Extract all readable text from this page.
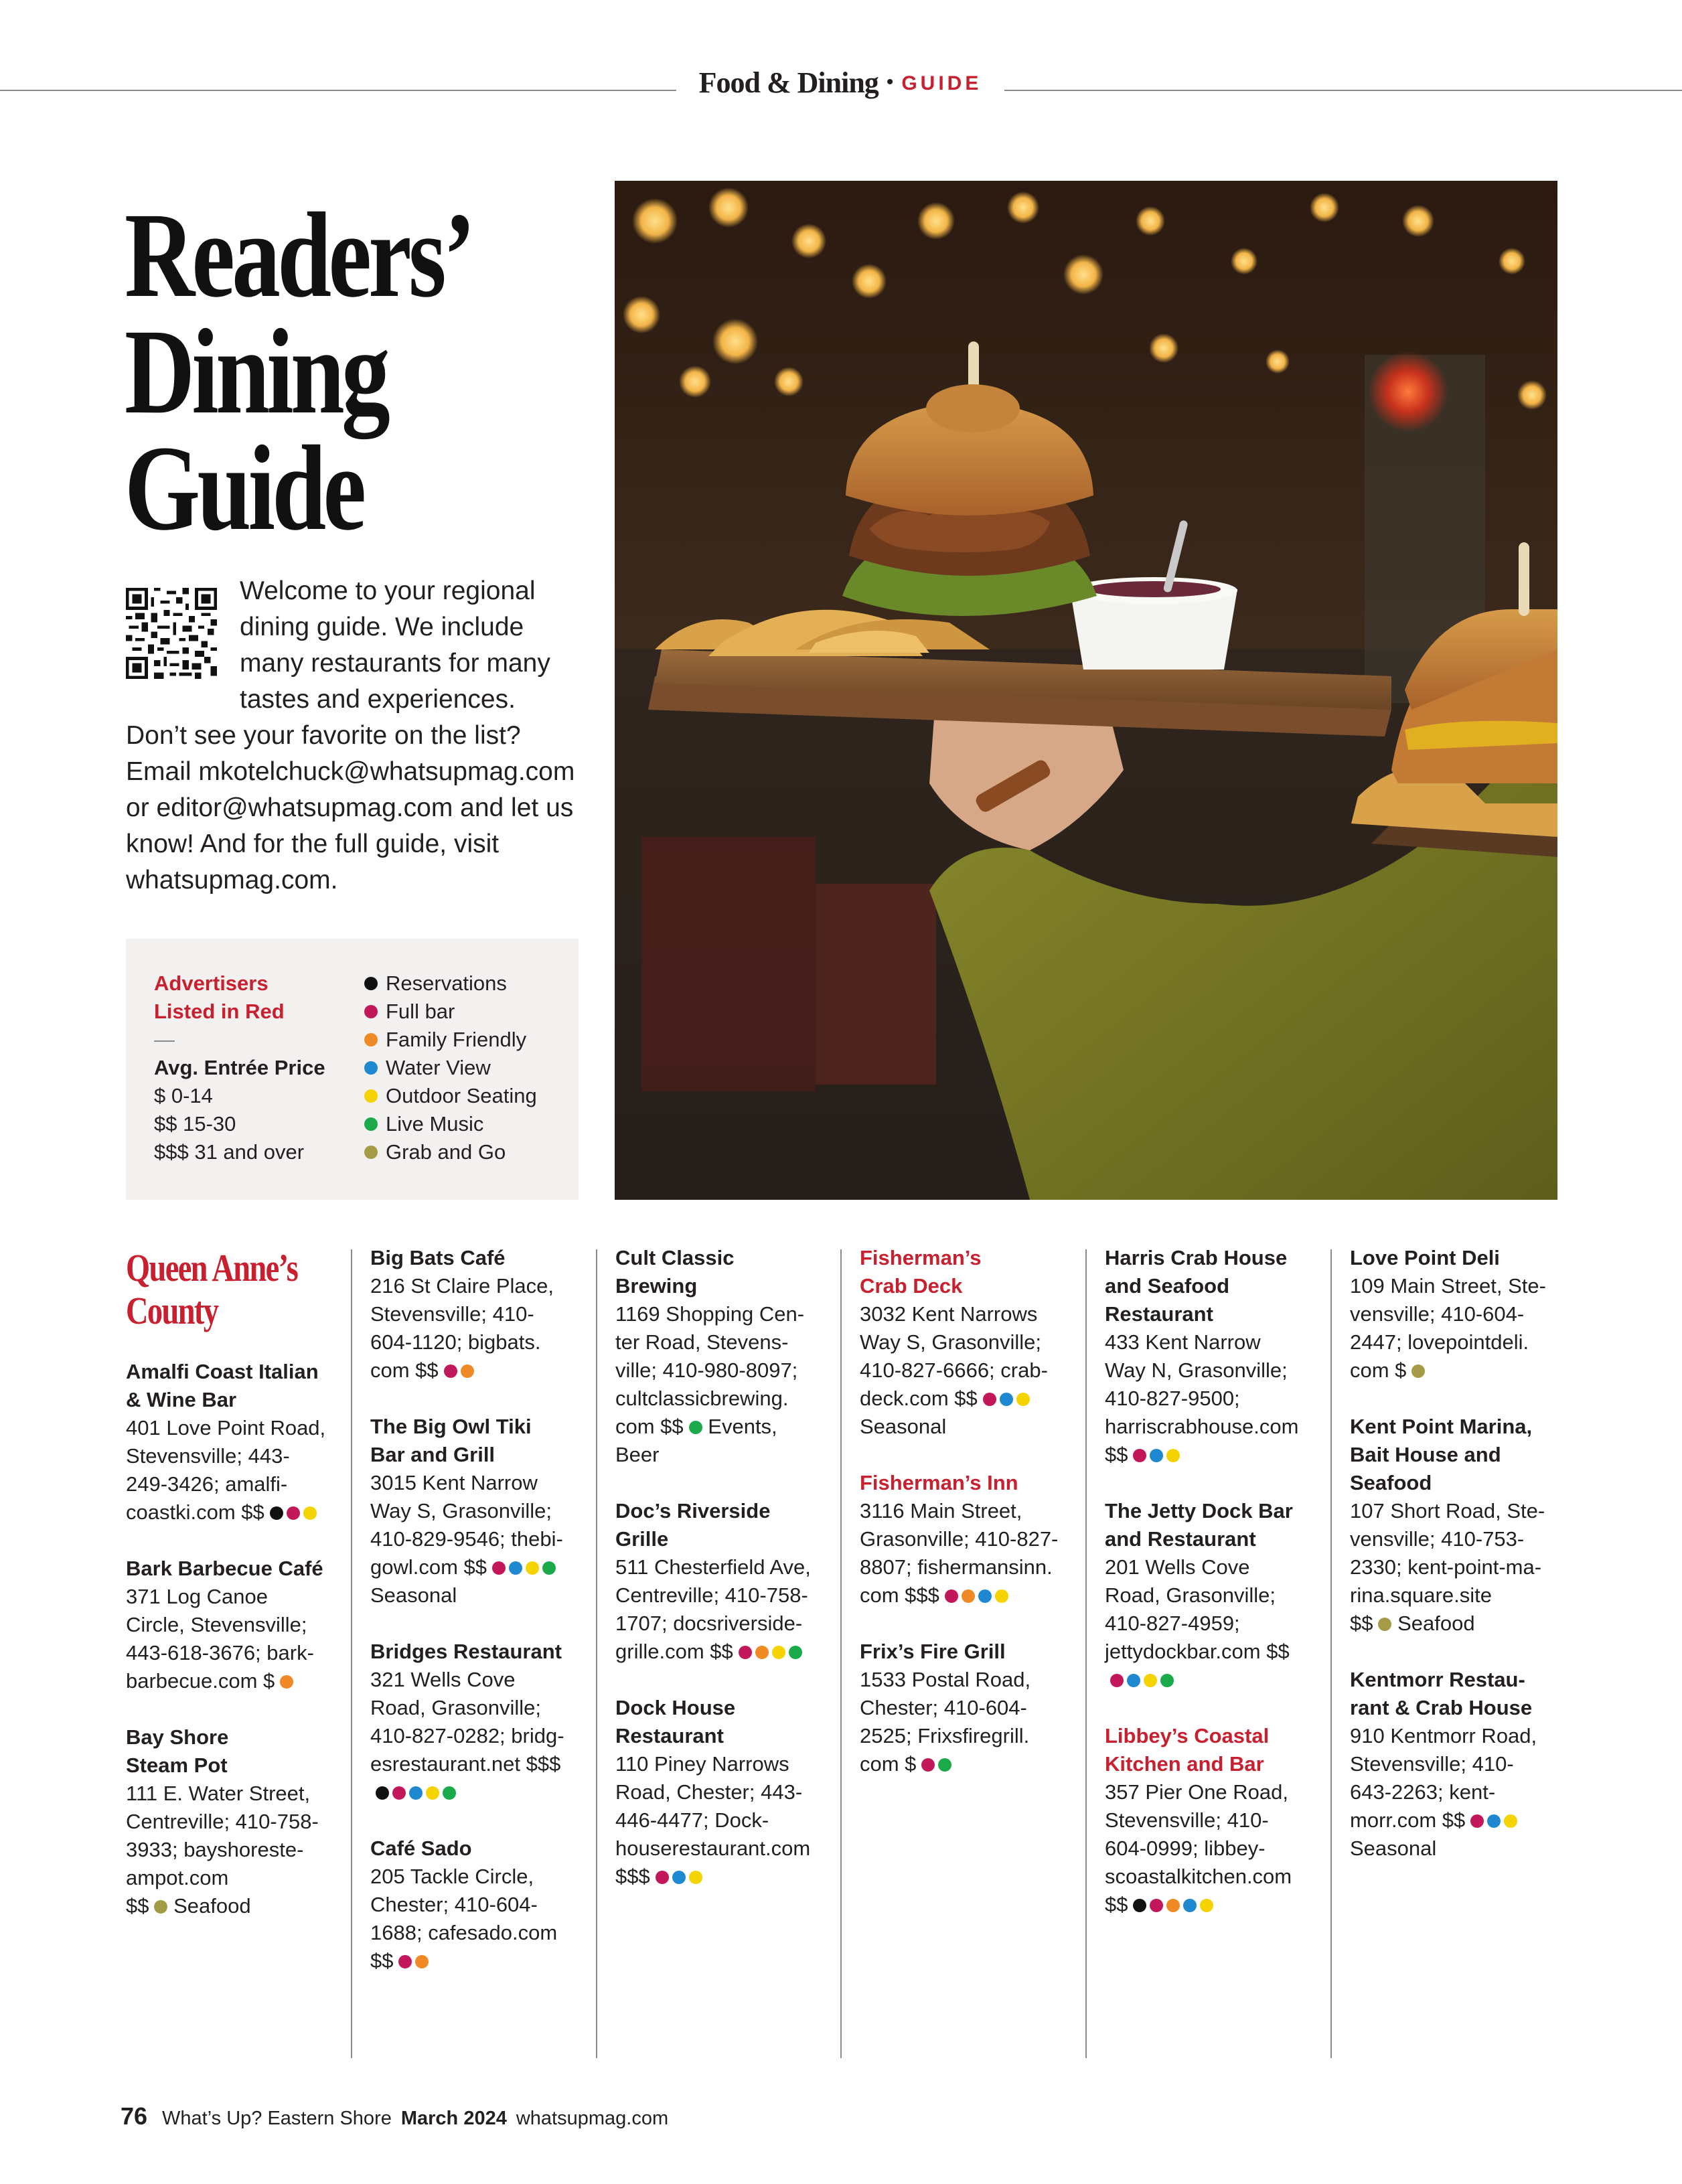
Food & Dining • GUIDE
Readers’
Dining
Guide
Welcome to your regional dining guide. We include many restaurants for many tastes and experiences. Don’t see your favorite on the list? Email mkotelchuck@whatsupmag.com or editor@whatsupmag.com and let us know! And for the full guide, visit whatsupmag.com.
Advertisers
Listed in Red
—
Avg. Entrée Price
$ 0-14
$$ 15-30
$$$ 31 and over
Reservations
Full bar
Family Friendly
Water View
Outdoor Seating
Live Music
Grab and Go
Queen Anne’s County
Amalfi Coast Italian
& Wine Bar
401 Love Point Road,
Stevensville; 443-
249-3426; amalfi-
coastki.com $$
Bark Barbecue Café
371 Log Canoe
Circle, Stevensville;
443-618-3676; bark-
barbecue.com $
Bay Shore
Steam Pot
111 E. Water Street,
Centreville; 410-758-
3933; bayshoreste-
ampot.com
$$ Seafood
Big Bats Café
216 St Claire Place,
Stevensville; 410-
604-1120; bigbats.
com $$
The Big Owl Tiki
Bar and Grill
3015 Kent Narrow
Way S, Grasonville;
410-829-9546; thebi-
gowl.com $$
Seasonal
Bridges Restaurant
321 Wells Cove
Road, Grasonville;
410-827-0282; bridg-
esrestaurant.net $$$

Café Sado
205 Tackle Circle,
Chester; 410-604-
1688; cafesado.com
$$
Cult Classic
Brewing
1169 Shopping Cen-
ter Road, Stevens-
ville; 410-980-8097;
cultclassicbrewing.
com $$ Events,
Beer
Doc’s Riverside
Grille
511 Chesterfield Ave,
Centreville; 410-758-
1707; docsriverside-
grille.com $$
Dock House
Restaurant
110 Piney Narrows
Road, Chester; 443-
446-4477; Dock-
houserestaurant.com
$$$
Fisherman’s
Crab Deck
3032 Kent Narrows
Way S, Grasonville;
410-827-6666; crab-
deck.com $$
Seasonal
Fisherman’s Inn
3116 Main Street,
Grasonville; 410-827-
8807; fishermansinn.
com $$$
Frix’s Fire Grill
1533 Postal Road,
Chester; 410-604-
2525; Frixsfiregrill.
com $
Harris Crab House
and Seafood
Restaurant
433 Kent Narrow
Way N, Grasonville;
410-827-9500;
harriscrabhouse.com
$$
The Jetty Dock Bar
and Restaurant
201 Wells Cove
Road, Grasonville;
410-827-4959;
jettydockbar.com $$

Libbey’s Coastal
Kitchen and Bar
357 Pier One Road,
Stevensville; 410-
604-0999; libbey-
scoastalkitchen.com
$$
Love Point Deli
109 Main Street, Ste-
vensville; 410-604-
2447; lovepointdeli.
com $
Kent Point Marina,
Bait House and
Seafood
107 Short Road, Ste-
vensville; 410-753-
2330; kent-point-ma-
rina.square.site
$$ Seafood
Kentmorr Restau-
rant & Crab House
910 Kentmorr Road,
Stevensville; 410-
643-2263; kent-
morr.com $$
Seasonal
76 What’s Up? Eastern Shore March 2024 whatsupmag.com
